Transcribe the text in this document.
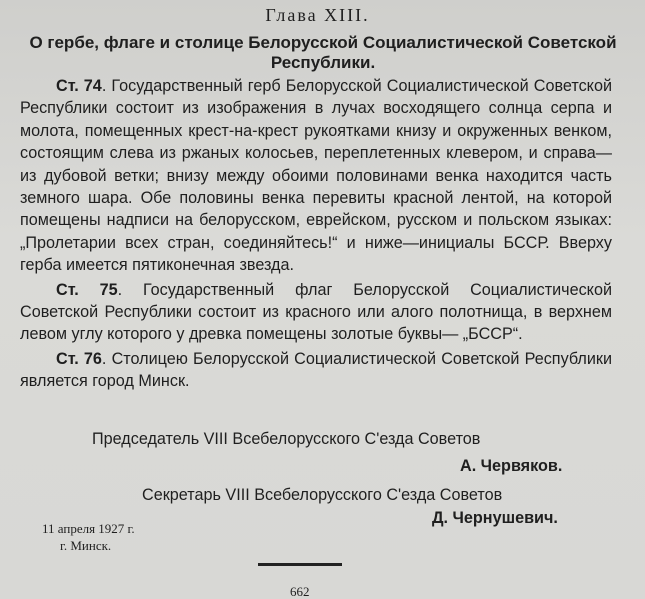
Глава XIII.
О гербе, флаге и столице Белорусской Социалистической Советской Республики.

Ст. 74. Государственный герб Белорусской Социалистической Советской Республики состоит из изображения в лучах восходящего солнца серпа и молота, помещенных крест-на-крест рукоятками книзу и окруженных венком, состоящим слева из ржаных колосьев, переплетенных клевером, и справа—из дубовой ветки; внизу между обоими половинами венка находится часть земного шара. Обе половины венка перевиты красной лентой, на которой помещены надписи на белорусском, еврейском, русском и польском языках: „Пролетарии всех стран, соединяйтесь!“ и ниже—инициалы БССР. Вверху герба имеется пятиконечная звезда.

Ст. 75. Государственный флаг Белорусской Социалистической Советской Республики состоит из красного или алого полотнища, в верхнем левом углу которого у древка помещены золотые буквы— „БССР“.

Ст. 76. Столицею Белорусской Социалистической Советской Республики является город Минск.

Председатель VIII Всебелорусского С'езда Советов
А. Червяков.
Секретарь VIII Всебелорусского С'езда Советов
Д. Чернушевич.
11 апреля 1927 г.
г. Минск.
662
